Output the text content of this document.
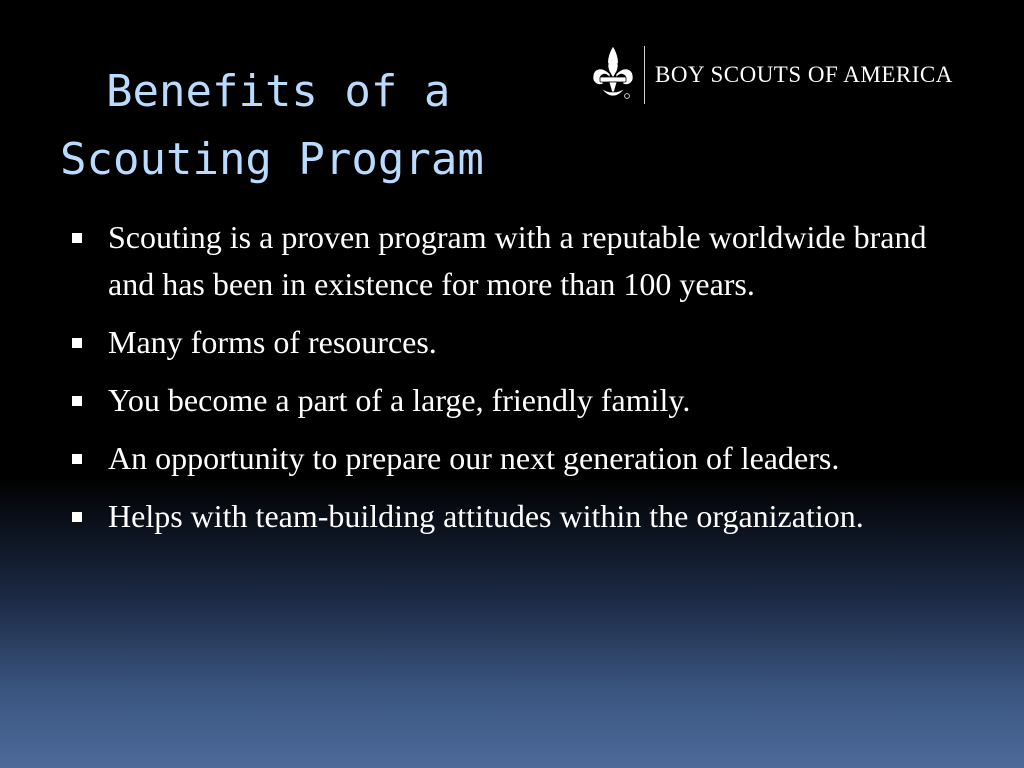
Benefits of a
Scouting Program
BOY SCOUTS OF AMERICA
Scouting is a proven program with a reputable worldwide brand and has been in existence for more than 100 years.
Many forms of resources.
You become a part of a large, friendly family.
An opportunity to prepare our next generation of leaders.
Helps with team-building attitudes within the organization.
